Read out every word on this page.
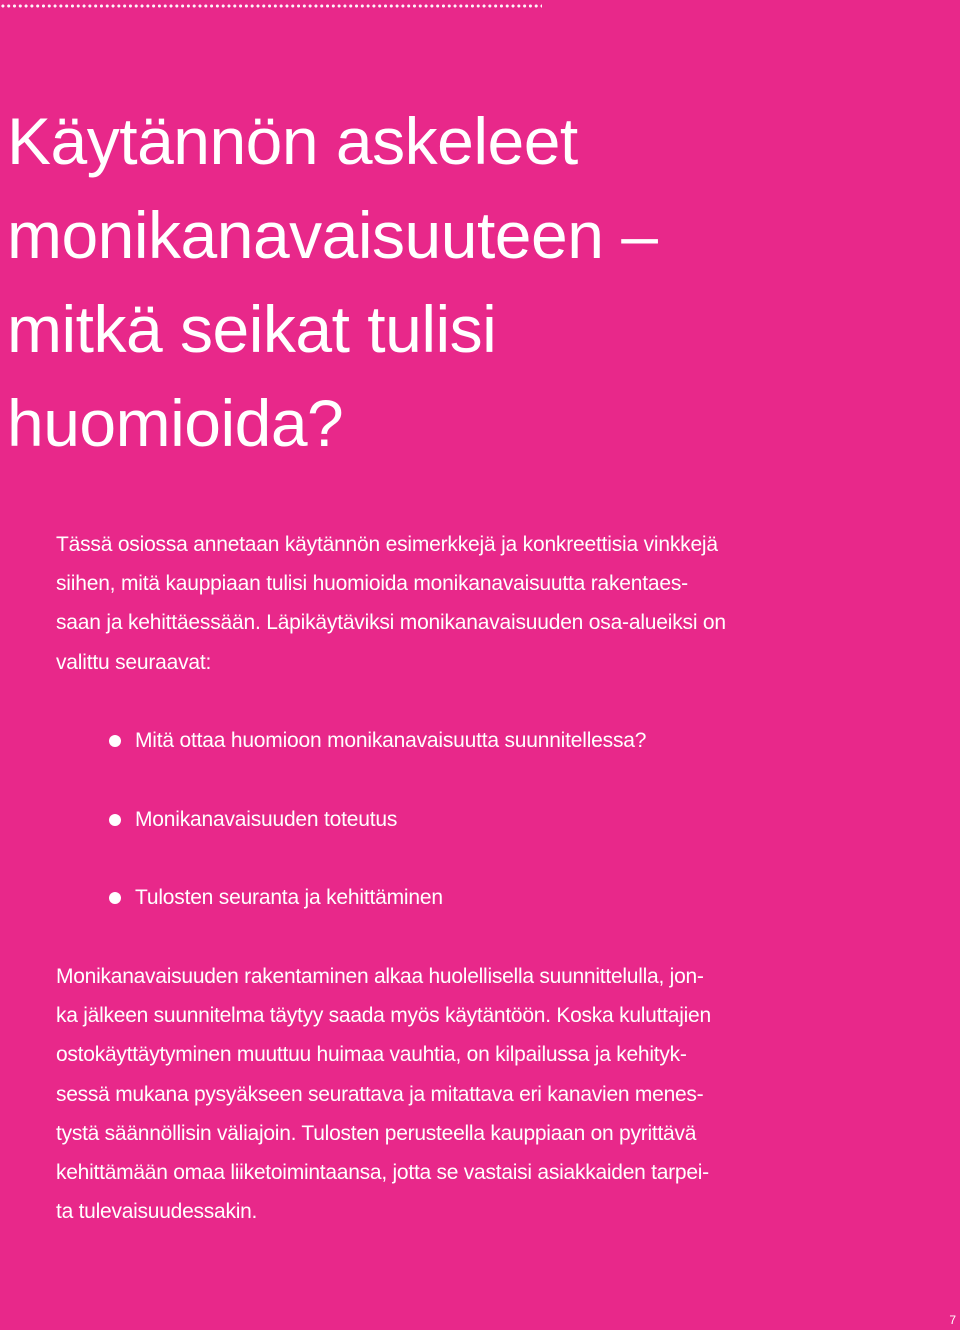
Käytännön askeleet
monikanavaisuuteen –
mitkä seikat tulisi
huomioida?
Tässä osiossa annetaan käytännön esimerkkejä ja konkreettisia vinkkejä
siihen, mitä kauppiaan tulisi huomioida monikanavaisuutta rakentaes-
saan ja kehittäessään. Läpikäytäviksi monikanavaisuuden osa-alueiksi on
valittu seuraavat:
Mitä ottaa huomioon monikanavaisuutta suunnitellessa?
Monikanavaisuuden toteutus
Tulosten seuranta ja kehittäminen
Monikanavaisuuden rakentaminen alkaa huolellisella suunnittelulla, jon-
ka jälkeen suunnitelma täytyy saada myös käytäntöön. Koska kuluttajien
ostokäyttäytyminen muuttuu huimaa vauhtia, on kilpailussa ja kehityk-
sessä mukana pysyäkseen seurattava ja mitattava eri kanavien menes-
tystä säännöllisin väliajoin. Tulosten perusteella kauppiaan on pyrittävä
kehittämään omaa liiketoimintaansa, jotta se vastaisi asiakkaiden tarpei-
ta tulevaisuudessakin.
7
